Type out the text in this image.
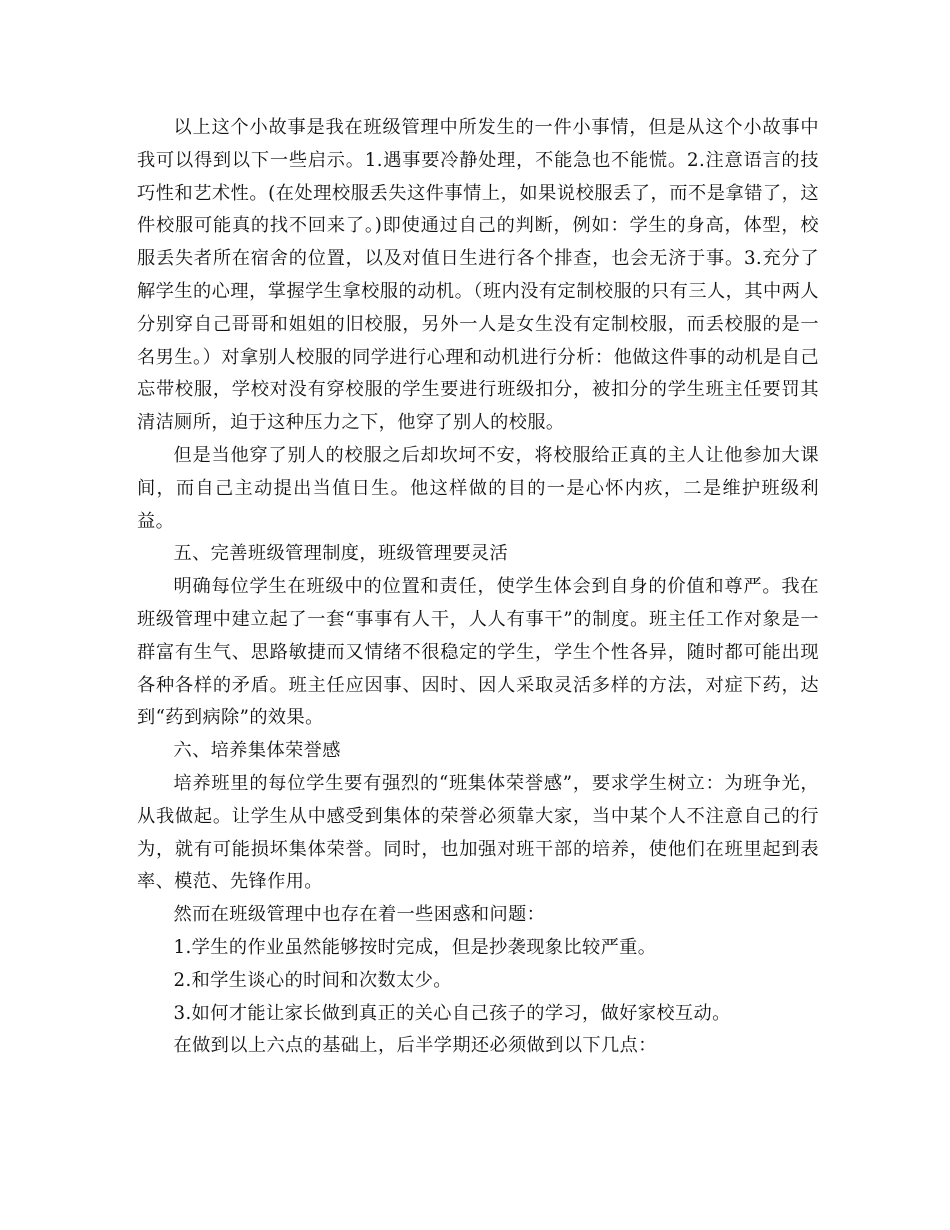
以上这个小故事是我在班级管理中所发生的一件小事情，但是从这个小故事中我可以得到以下一些启示。1.遇事要冷静处理，不能急也不能慌。2.注意语言的技巧性和艺术性。(在处理校服丢失这件事情上，如果说校服丢了，而不是拿错了，这件校服可能真的找不回来了。)即使通过自己的判断，例如：学生的身高，体型，校服丢失者所在宿舍的位置，以及对值日生进行各个排查，也会无济于事。3.充分了解学生的心理，掌握学生拿校服的动机。（班内没有定制校服的只有三人，其中两人分别穿自己哥哥和姐姐的旧校服，另外一人是女生没有定制校服，而丢校服的是一名男生。）对拿别人校服的同学进行心理和动机进行分析：他做这件事的动机是自己忘带校服，学校对没有穿校服的学生要进行班级扣分，被扣分的学生班主任要罚其清洁厕所，迫于这种压力之下，他穿了别人的校服。

但是当他穿了别人的校服之后却坎坷不安，将校服给正真的主人让他参加大课间，而自己主动提出当值日生。他这样做的目的一是心怀内疚，二是维护班级利益。

五、完善班级管理制度，班级管理要灵活

明确每位学生在班级中的位置和责任，使学生体会到自身的价值和尊严。我在班级管理中建立起了一套“事事有人干，人人有事干”的制度。班主任工作对象是一群富有生气、思路敏捷而又情绪不很稳定的学生，学生个性各异，随时都可能出现各种各样的矛盾。班主任应因事、因时、因人采取灵活多样的方法，对症下药，达到“药到病除”的效果。

六、培养集体荣誉感

培养班里的每位学生要有强烈的“班集体荣誉感”，要求学生树立：为班争光，从我做起。让学生从中感受到集体的荣誉必须靠大家，当中某个人不注意自己的行为，就有可能损坏集体荣誉。同时，也加强对班干部的培养，使他们在班里起到表率、模范、先锋作用。

然而在班级管理中也存在着一些困惑和问题：

1.学生的作业虽然能够按时完成，但是抄袭现象比较严重。

2.和学生谈心的时间和次数太少。

3.如何才能让家长做到真正的关心自己孩子的学习，做好家校互动。

在做到以上六点的基础上，后半学期还必须做到以下几点：
